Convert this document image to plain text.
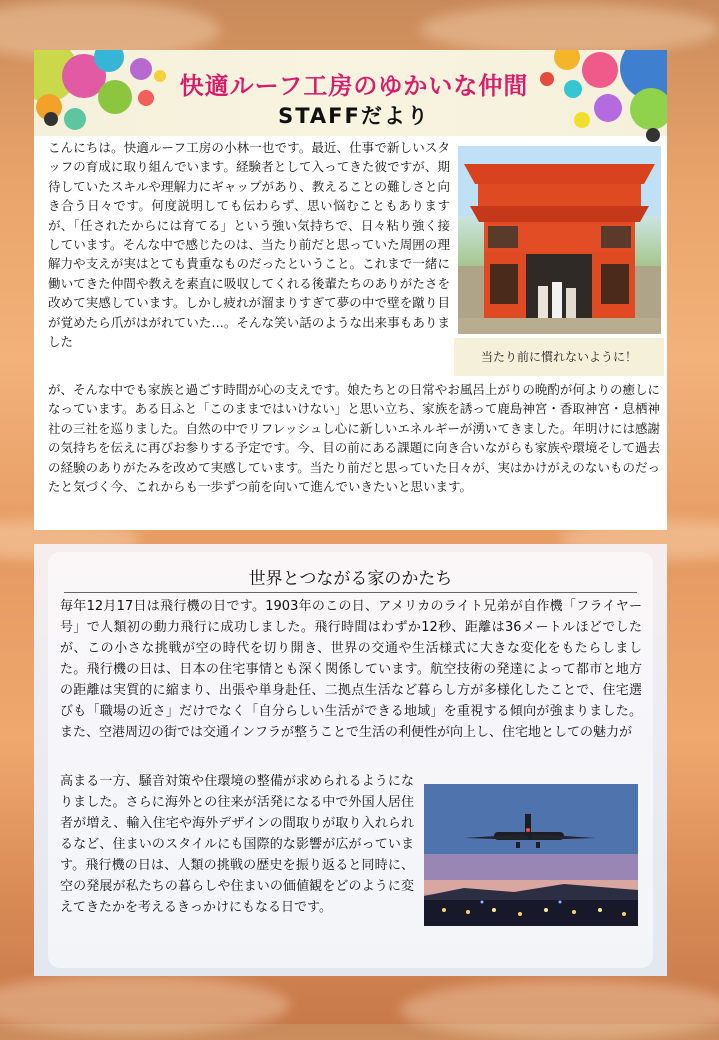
快適ルーフ工房のゆかいな仲間
STAFFだより
こんにちは。快適ルーフ工房の小林一也です。最近、仕事で新しいスタッフの育成に取り組んでいます。経験者として入ってきた彼ですが、期待していたスキルや理解力にギャップがあり、教えることの難しさと向き合う日々です。何度説明しても伝わらず、思い悩むこともありますが、「任されたからには育てる」という強い気持ちで、日々粘り強く接しています。そんな中で感じたのは、当たり前だと思っていた周囲の理解力や支えが実はとても貴重なものだったということ。これまで一緒に働いてきた仲間や教えを素直に吸収してくれる後輩たちのありがたさを改めて実感しています。しかし疲れが溜まりすぎて夢の中で壁を蹴り目が覚めたら爪がはがれていた…。そんな笑い話のような出来事もありました
当たり前に慣れないように！
が、そんな中でも家族と過ごす時間が心の支えです。娘たちとの日常やお風呂上がりの晩酌が何よりの癒しになっています。ある日ふと「このままではいけない」と思い立ち、家族を誘って鹿島神宮・香取神宮・息栖神社の三社を巡りました。自然の中でリフレッシュし心に新しいエネルギーが湧いてきました。年明けには感謝の気持ちを伝えに再びお参りする予定です。今、目の前にある課題に向き合いながらも家族や環境そして過去の経験のありがたみを改めて実感しています。当たり前だと思っていた日々が、実はかけがえのないものだったと気づく今、これからも一歩ずつ前を向いて進んでいきたいと思います。
世界とつながる家のかたち
毎年12月17日は飛行機の日です。1903年のこの日、アメリカのライト兄弟が自作機「フライヤー号」で人類初の動力飛行に成功しました。飛行時間はわずか12秒、距離は36メートルほどでしたが、この小さな挑戦が空の時代を切り開き、世界の交通や生活様式に大きな変化をもたらしました。飛行機の日は、日本の住宅事情とも深く関係しています。航空技術の発達によって都市と地方の距離は実質的に縮まり、出張や単身赴任、二拠点生活など暮らし方が多様化したことで、住宅選びも「職場の近さ」だけでなく「自分らしい生活ができる地域」を重視する傾向が強まりました。また、空港周辺の街では交通インフラが整うことで生活の利便性が向上し、住宅地としての魅力が
高まる一方、騒音対策や住環境の整備が求められるようになりました。さらに海外との往来が活発になる中で外国人居住者が増え、輸入住宅や海外デザインの間取りが取り入れられるなど、住まいのスタイルにも国際的な影響が広がっています。飛行機の日は、人類の挑戦の歴史を振り返ると同時に、空の発展が私たちの暮らしや住まいの価値観をどのように変えてきたかを考えるきっかけにもなる日です。
